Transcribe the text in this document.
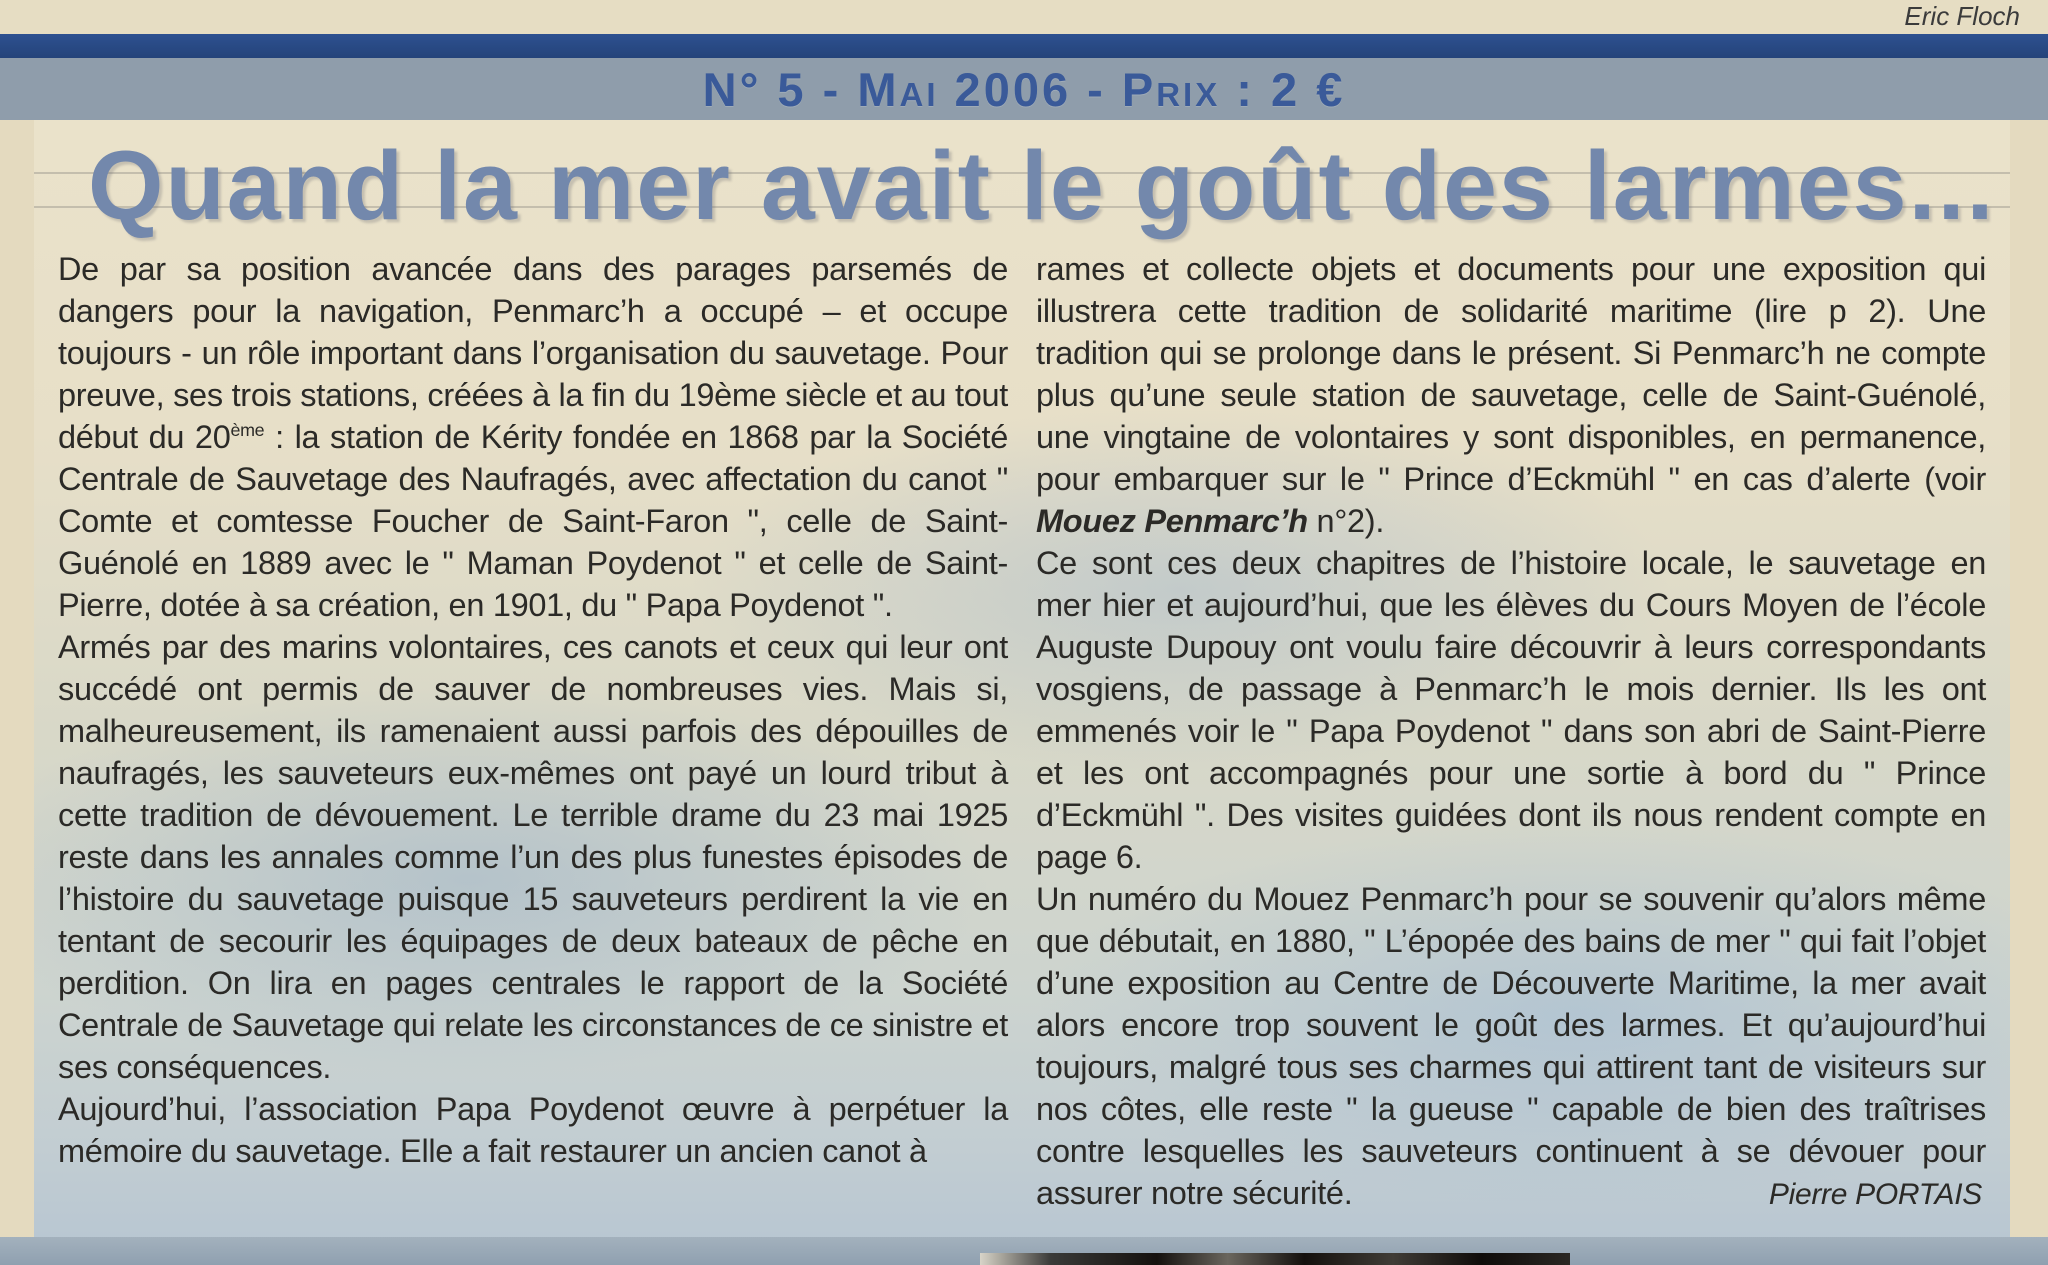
Eric Floch
N° 5 - Mai 2006 - Prix : 2 €
Quand la mer avait le goût des larmes...

De par sa position avancée dans des parages parsemés de dangers pour la navigation, Penmarc’h a occupé – et occupe toujours - un rôle important dans l’organisation du sauvetage. Pour preuve, ses trois stations, créées à la fin du 19ème siècle et au tout début du 20ème : la station de Kérity fondée en 1868 par la Société Centrale de Sauvetage des Naufragés, avec affectation du canot " Comte et comtesse Foucher de Saint-Faron ", celle de Saint-Guénolé en 1889 avec le " Maman Poydenot " et celle de Saint-Pierre, dotée à sa création, en 1901, du " Papa Poydenot ".

Armés par des marins volontaires, ces canots et ceux qui leur ont succédé ont permis de sauver de nombreuses vies. Mais si, malheureusement, ils ramenaient aussi parfois des dépouilles de naufragés, les sauveteurs eux-mêmes ont payé un lourd tribut à cette tradition de dévouement. Le terrible drame du 23 mai 1925 reste dans les annales comme l’un des plus funestes épisodes de l’histoire du sauvetage puisque 15 sauveteurs perdirent la vie en tentant de secourir les équipages de deux bateaux de pêche en perdition. On lira en pages centrales le rapport de la Société Centrale de Sauvetage qui relate les circonstances de ce sinistre et ses conséquences.

Aujourd’hui, l’association Papa Poydenot œuvre à perpétuer la mémoire du sauvetage. Elle a fait restaurer un ancien canot à

rames et collecte objets et documents pour une exposition qui illustrera cette tradition de solidarité maritime (lire p 2). Une tradition qui se prolonge dans le présent. Si Penmarc’h ne compte plus qu’une seule station de sauvetage, celle de Saint-Guénolé, une vingtaine de volontaires y sont disponibles, en permanence, pour embarquer sur le " Prince d’Eckmühl " en cas d’alerte (voir Mouez Penmarc’h n°2).

Ce sont ces deux chapitres de l’histoire locale, le sauvetage en mer hier et aujourd’hui, que les élèves du Cours Moyen de l’école Auguste Dupouy ont voulu faire découvrir à leurs correspondants vosgiens, de passage à Penmarc’h le mois dernier. Ils les ont emmenés voir le " Papa Poydenot " dans son abri de Saint-Pierre et les ont accompagnés pour une sortie à bord du " Prince d’Eckmühl ". Des visites guidées dont ils nous rendent compte en page 6.

Un numéro du Mouez Penmarc’h pour se souvenir qu’alors même que débutait, en 1880, " L’épopée des bains de mer " qui fait l’objet d’une exposition au Centre de Découverte Maritime, la mer avait alors encore trop souvent le goût des larmes. Et qu’aujourd’hui toujours, malgré tous ses charmes qui attirent tant de visiteurs sur nos côtes, elle reste " la gueuse " capable de bien des traîtrises contre lesquelles les sauveteurs continuent à se dévouer pour assurer notre sécurité.	Pierre PORTAIS
